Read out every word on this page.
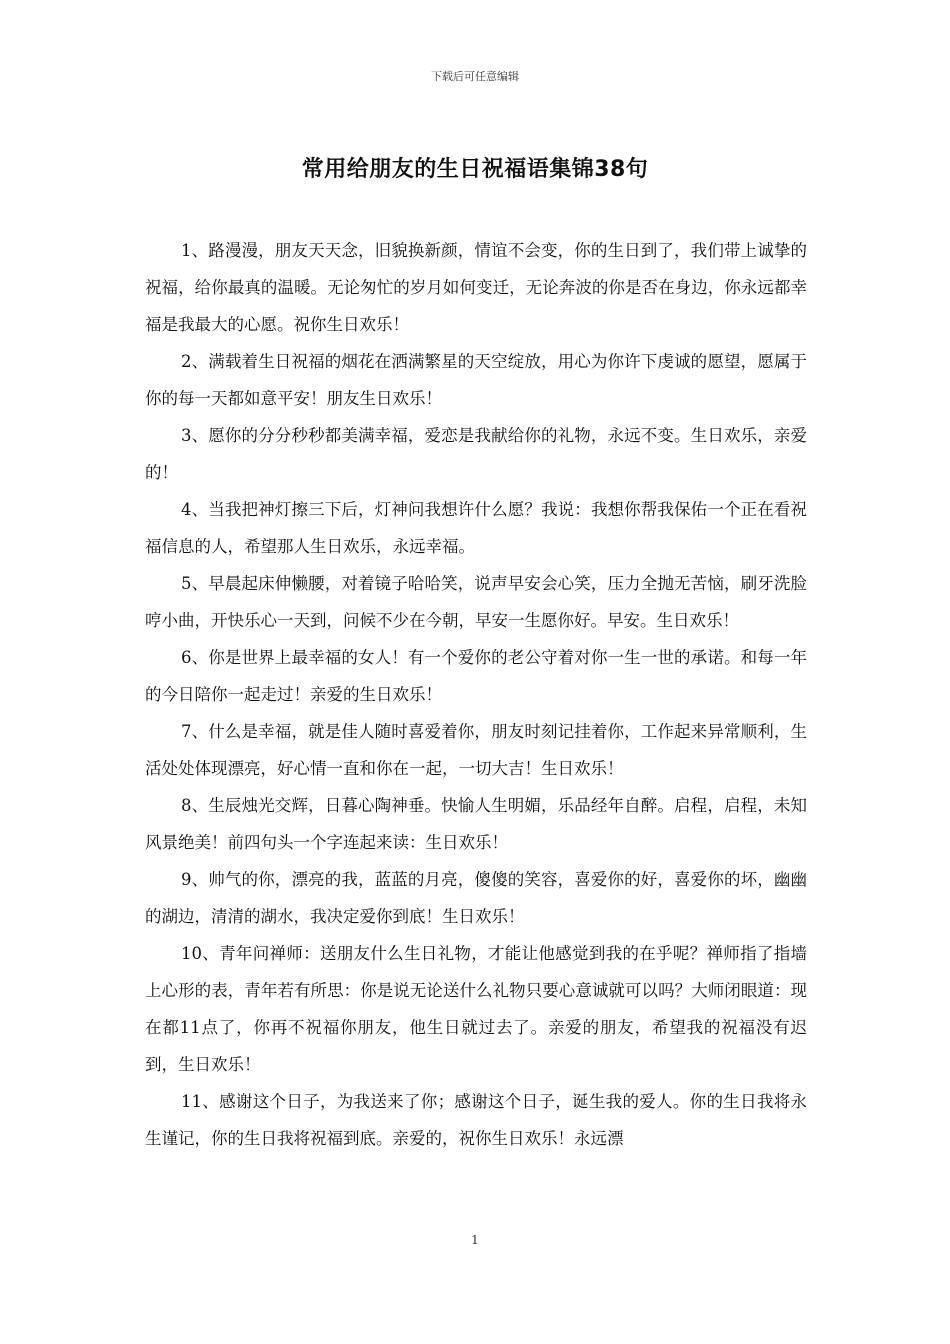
下载后可任意编辑
常用给朋友的生日祝福语集锦38句

1、路漫漫，朋友天天念，旧貌换新颜，情谊不会变，你的生日到了，我们带上诚挚的祝福，给你最真的温暖。无论匆忙的岁月如何变迁，无论奔波的你是否在身边，你永远都幸福是我最大的心愿。祝你生日欢乐！

2、满载着生日祝福的烟花在洒满繁星的天空绽放，用心为你许下虔诚的愿望，愿属于你的每一天都如意平安！朋友生日欢乐！

3、愿你的分分秒秒都美满幸福，爱恋是我献给你的礼物，永远不变。生日欢乐，亲爱的！

4、当我把神灯擦三下后，灯神问我想许什么愿？我说：我想你帮我保佑一个正在看祝福信息的人，希望那人生日欢乐，永远幸福。

5、早晨起床伸懒腰，对着镜子哈哈笑，说声早安会心笑，压力全抛无苦恼，刷牙洗脸哼小曲，开快乐心一天到，问候不少在今朝，早安一生愿你好。早安。生日欢乐！

6、你是世界上最幸福的女人！有一个爱你的老公守着对你一生一世的承诺。和每一年的今日陪你一起走过！亲爱的生日欢乐！

7、什么是幸福，就是佳人随时喜爱着你，朋友时刻记挂着你，工作起来异常顺利，生活处处体现漂亮，好心情一直和你在一起，一切大吉！生日欢乐！

8、生辰烛光交辉，日暮心陶神垂。快愉人生明媚，乐品经年自醉。启程，启程，未知风景绝美！前四句头一个字连起来读：生日欢乐！

9、帅气的你，漂亮的我，蓝蓝的月亮，傻傻的笑容，喜爱你的好，喜爱你的坏，幽幽的湖边，清清的湖水，我决定爱你到底！生日欢乐！

10、青年问禅师：送朋友什么生日礼物，才能让他感觉到我的在乎呢？禅师指了指墙上心形的表，青年若有所思：你是说无论送什么礼物只要心意诚就可以吗？大师闭眼道：现在都11点了，你再不祝福你朋友，他生日就过去了。亲爱的朋友，希望我的祝福没有迟到，生日欢乐！

11、感谢这个日子，为我送来了你；感谢这个日子，诞生我的爱人。你的生日我将永生谨记，你的生日我将祝福到底。亲爱的，祝你生日欢乐！永远漂

1
